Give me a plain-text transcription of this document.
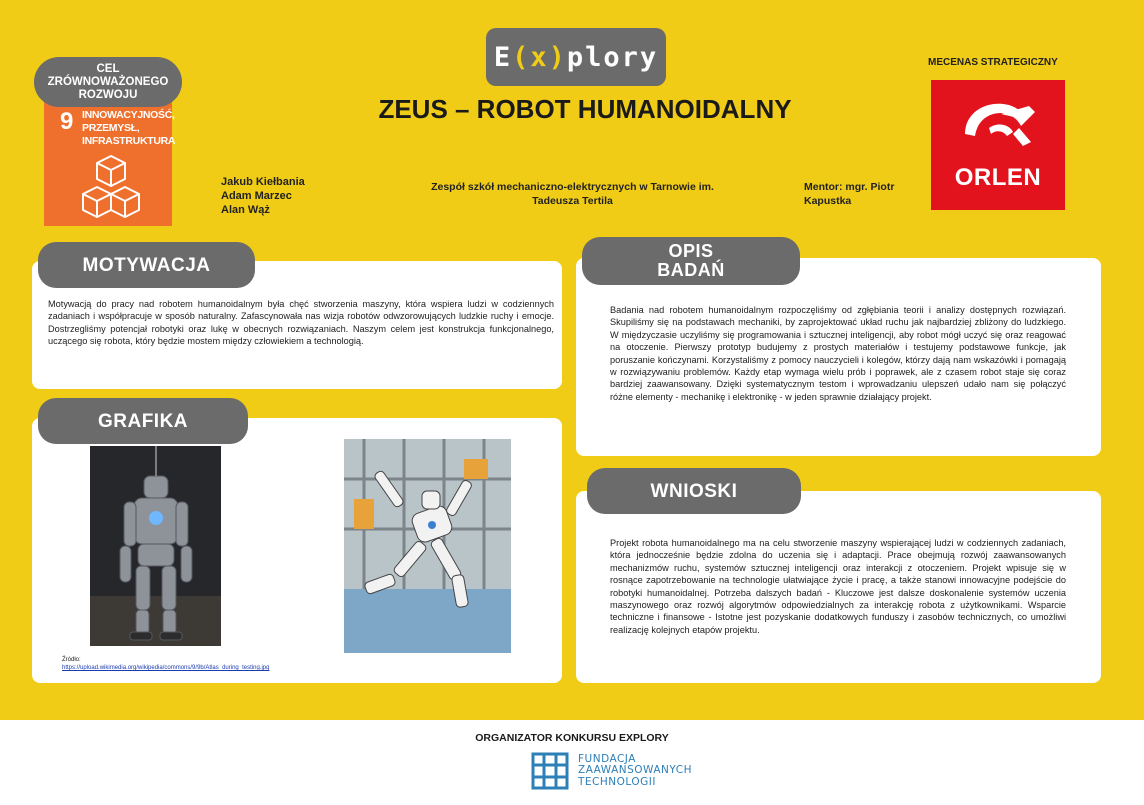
CEL
ZRÓWNOWAŻONEGO
ROZWOJU
9 INNOWACYJNOŚĆ,
PRZEMYSŁ,
INFRASTRUKTURA
E (x) plory
ZEUS – ROBOT HUMANOIDALNY
MECENAS STRATEGICZNY
ORLEN
Jakub Kiełbania
Adam Marzec
Alan Wąż
Zespół szkół mechaniczno-elektrycznych w Tarnowie im. Tadeusza Tertila
Mentor: mgr. Piotr Kapustka
MOTYWACJA
Motywacją do pracy nad robotem humanoidalnym była chęć stworzenia maszyny, która wspiera ludzi w codziennych zadaniach i współpracuje w sposób naturalny. Zafascynowała nas wizja robotów odwzorowujących ludzkie ruchy i emocje. Dostrzegliśmy potencjał robotyki oraz lukę w obecnych rozwiązaniach. Naszym celem jest konstrukcja funkcjonalnego, uczącego się robota, który będzie mostem między człowiekiem a technologią.
GRAFIKA
Źródło:
https://upload.wikimedia.org/wikipedia/commons/9/9b/Atlas_during_testing.jpg
OPIS
BADAŃ
Badania nad robotem humanoidalnym rozpoczęliśmy od zgłębiania teorii i analizy dostępnych rozwiązań. Skupiliśmy się na podstawach mechaniki, by zaprojektować układ ruchu jak najbardziej zbliżony do ludzkiego. W międzyczasie uczyliśmy się programowania i sztucznej inteligencji, aby robot mógł uczyć się oraz reagować na otoczenie. Pierwszy prototyp budujemy z prostych materiałów i testujemy podstawowe funkcje, jak poruszanie kończynami. Korzystaliśmy z pomocy nauczycieli i kolegów, którzy dają nam wskazówki i pomagają w rozwiązywaniu problemów. Każdy etap wymaga wielu prób i poprawek, ale z czasem robot staje się coraz bardziej zaawansowany. Dzięki systematycznym testom i wprowadzaniu ulepszeń udało nam się połączyć różne elementy - mechanikę i elektronikę - w jeden sprawnie działający projekt.
WNIOSKI
Projekt robota humanoidalnego ma na celu stworzenie maszyny wspierającej ludzi w codziennych zadaniach, która jednocześnie będzie zdolna do uczenia się i adaptacji. Prace obejmują rozwój zaawansowanych mechanizmów ruchu, systemów sztucznej inteligencji oraz interakcji z otoczeniem. Projekt wpisuje się w rosnące zapotrzebowanie na technologie ułatwiające życie i pracę, a także stanowi innowacyjne podejście do robotyki humanoidalnej. Potrzeba dalszych badań - Kluczowe jest dalsze doskonalenie systemów uczenia maszynowego oraz rozwój algorytmów odpowiedzialnych za interakcję robota z użytkownikami. Wsparcie techniczne i finansowe - Istotne jest pozyskanie dodatkowych funduszy i zasobów technicznych, co umożliwi realizację kolejnych etapów projektu.
ORGANIZATOR KONKURSU EXPLORY
FUNDACJA
ZAAWANSOWANYCH
TECHNOLOGII
